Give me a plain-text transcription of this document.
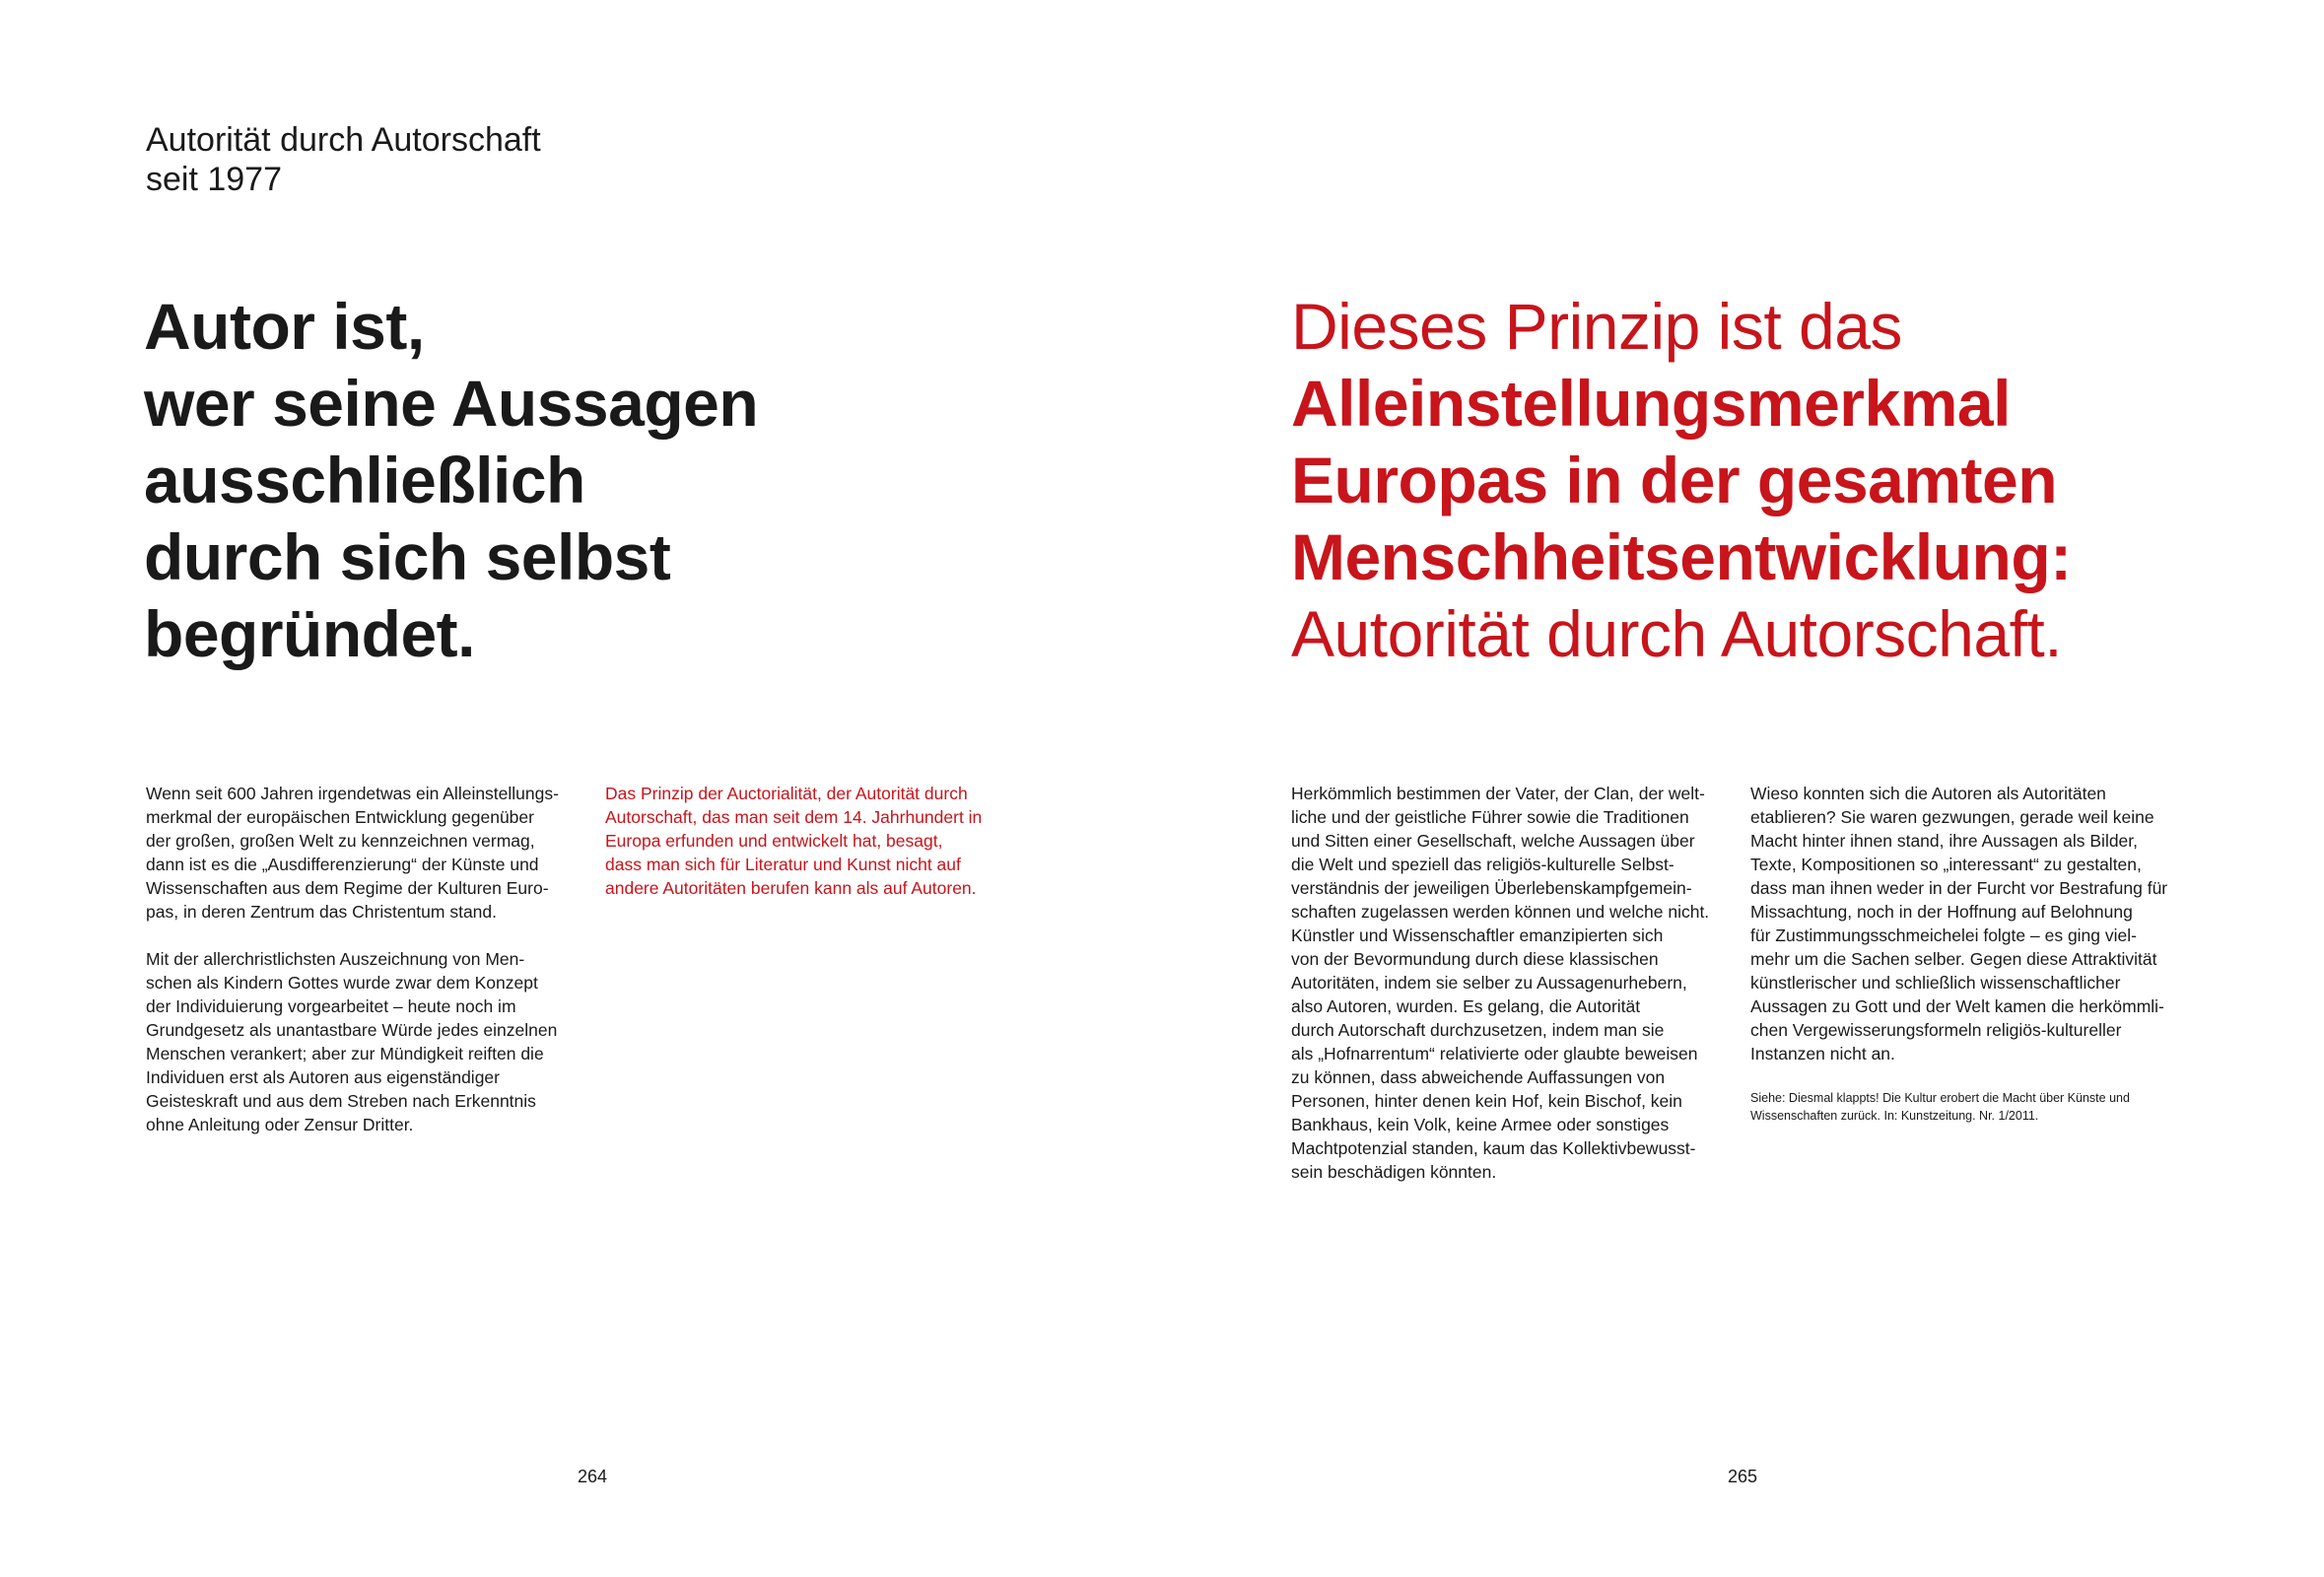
Autorität durch Autorschaft
seit 1977
Autor ist,
wer seine Aussagen
ausschließlich
durch sich selbst
begründet.

Wenn seit 600 Jahren irgendetwas ein Alleinstellungs-
merkmal der europäischen Entwicklung gegenüber
der großen, großen Welt zu kennzeichnen vermag,
dann ist es die „Ausdifferenzierung“ der Künste und
Wissenschaften aus dem Regime der Kulturen Euro-
pas, in deren Zentrum das Christentum stand.

Mit der allerchristlichsten Auszeichnung von Men-
schen als Kindern Gottes wurde zwar dem Konzept
der Individuierung vorgearbeitet – heute noch im
Grundgesetz als unantastbare Würde jedes einzelnen
Menschen verankert; aber zur Mündigkeit reiften die
Individuen erst als Autoren aus eigenständiger
Geisteskraft und aus dem Streben nach Erkenntnis
ohne Anleitung oder Zensur Dritter.

Das Prinzip der Auctorialität, der Autorität durch
Autorschaft, das man seit dem 14. Jahrhundert in
Europa erfunden und entwickelt hat, besagt,
dass man sich für Literatur und Kunst nicht auf
andere Autoritäten berufen kann als auf Autoren.

264
Dieses Prinzip ist das
Alleinstellungsmerkmal
Europas in der gesamten
Menschheitsentwicklung:
Autorität durch Autorschaft.

Herkömmlich bestimmen der Vater, der Clan, der welt-
liche und der geistliche Führer sowie die Traditionen
und Sitten einer Gesellschaft, welche Aussagen über
die Welt und speziell das religiös-kulturelle Selbst-
verständnis der jeweiligen Überlebenskampfgemein-
schaften zugelassen werden können und welche nicht.
Künstler und Wissenschaftler emanzipierten sich
von der Bevormundung durch diese klassischen
Autoritäten, indem sie selber zu Aussagenurhebern,
also Autoren, wurden. Es gelang, die Autorität
durch Autorschaft durchzusetzen, indem man sie
als „Hofnarrentum“ relativierte oder glaubte beweisen
zu können, dass abweichende Auffassungen von
Personen, hinter denen kein Hof, kein Bischof, kein
Bankhaus, kein Volk, keine Armee oder sonstiges
Machtpotenzial standen, kaum das Kollektivbewusst-
sein beschädigen könnten.

Wieso konnten sich die Autoren als Autoritäten
etablieren? Sie waren gezwungen, gerade weil keine
Macht hinter ihnen stand, ihre Aussagen als Bilder,
Texte, Kompositionen so „interessant“ zu gestalten,
dass man ihnen weder in der Furcht vor Bestrafung für
Missachtung, noch in der Hoffnung auf Belohnung
für Zustimmungsschmeichelei folgte – es ging viel-
mehr um die Sachen selber. Gegen diese Attraktivität
künstlerischer und schließlich wissenschaftlicher
Aussagen zu Gott und der Welt kamen die herkömmli-
chen Vergewisserungsformeln religiös-kultureller
Instanzen nicht an.

Siehe: Diesmal klappts! Die Kultur erobert die Macht über Künste und
Wissenschaften zurück. In: Kunstzeitung. Nr. 1/2011.
265
